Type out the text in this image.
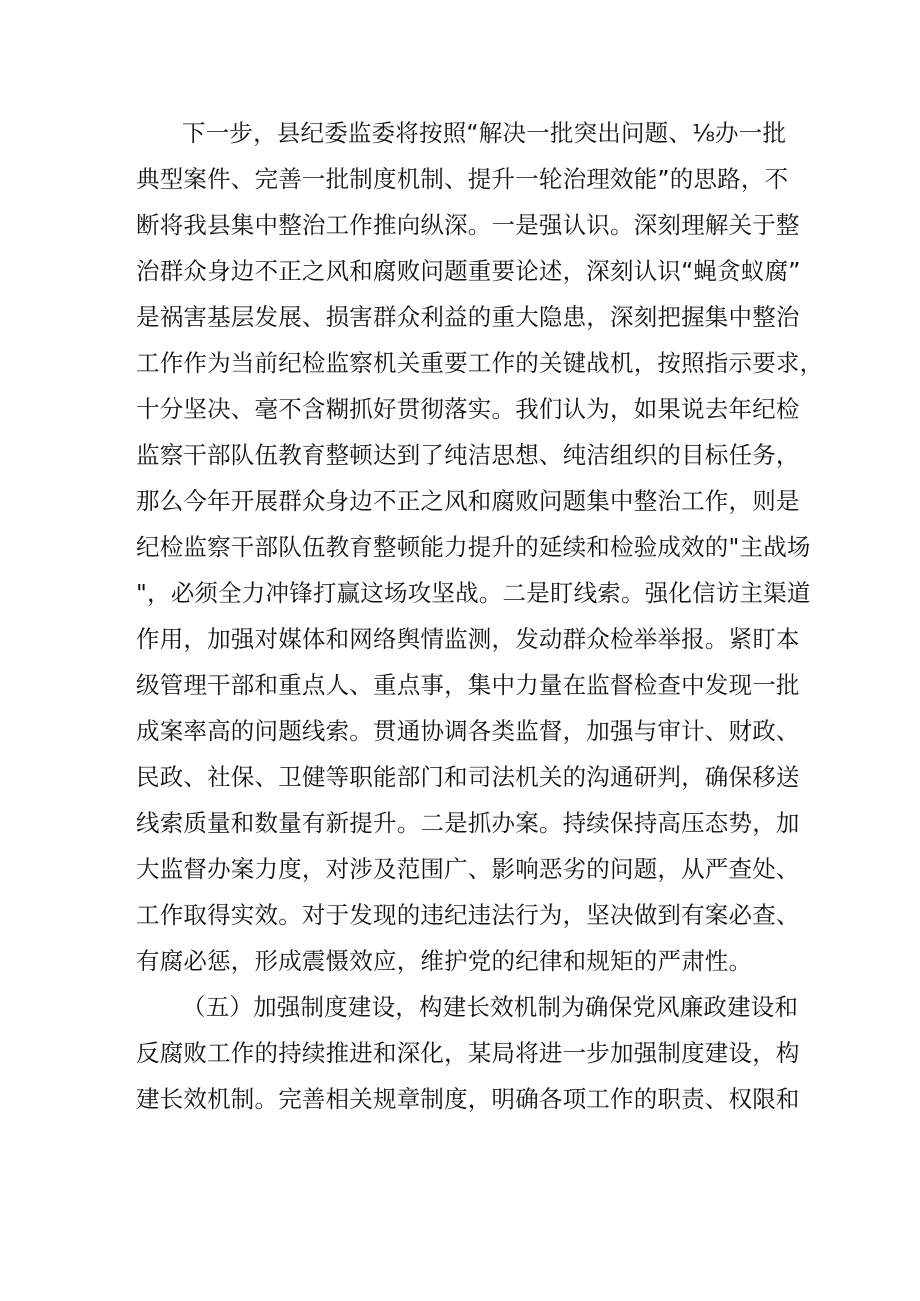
下一步，县纪委监委将按照“解决一批突出问题、⅛办一批
典型案件、完善一批制度机制、提升一轮治理效能”的思路，不
断将我县集中整治工作推向纵深。一是强认识。深刻理解关于整
治群众身边不正之风和腐败问题重要论述，深刻认识“蝇贪蚁腐”
是祸害基层发展、损害群众利益的重大隐患，深刻把握集中整治
工作作为当前纪检监察机关重要工作的关键战机，按照指示要求，
十分坚决、毫不含糊抓好贯彻落实。我们认为，如果说去年纪检
监察干部队伍教育整顿达到了纯洁思想、纯洁组织的目标任务，
那么今年开展群众身边不正之风和腐败问题集中整治工作，则是
纪检监察干部队伍教育整顿能力提升的延续和检验成效的"主战场
"，必须全力冲锋打赢这场攻坚战。二是盯线索。强化信访主渠道
作用，加强对媒体和网络舆情监测，发动群众检举举报。紧盯本
级管理干部和重点人、重点事，集中力量在监督检查中发现一批
成案率高的问题线索。贯通协调各类监督，加强与审计、财政、
民政、社保、卫健等职能部门和司法机关的沟通研判，确保移送
线索质量和数量有新提升。二是抓办案。持续保持高压态势，加
大监督办案力度，对涉及范围广、影响恶劣的问题，从严查处、
工作取得实效。对于发现的违纪违法行为，坚决做到有案必查、
有腐必惩，形成震慑效应，维护党的纪律和规矩的严肃性。
（五）加强制度建设，构建长效机制为确保党风廉政建设和
反腐败工作的持续推进和深化，某局将进一步加强制度建设，构
建长效机制。完善相关规章制度，明确各项工作的职责、权限和
